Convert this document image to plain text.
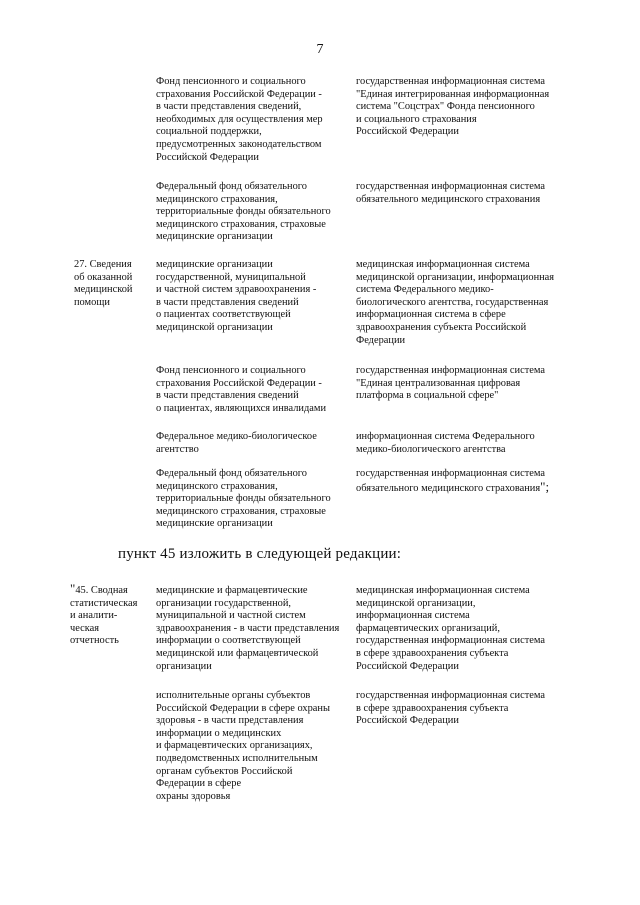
7
Фонд пенсионного и социального
страхования Российской Федерации -
в части представления сведений,
необходимых для осуществления мер
социальной поддержки,
предусмотренных законодательством
Российской Федерации
государственная информационная система
"Единая интегрированная информационная
система "Соцстрах" Фонда пенсионного
и социального страхования
Российской Федерации
Федеральный фонд обязательного
медицинского страхования,
территориальные фонды обязательного
медицинского страхования, страховые
медицинские организации
государственная информационная система
обязательного медицинского страхования
27. Сведения
об оказанной
медицинской
помощи
медицинские организации
государственной, муниципальной
и частной систем здравоохранения -
в части представления сведений
о пациентах соответствующей
медицинской организации
медицинская информационная система
медицинской организации, информационная
система Федерального медико-
биологического агентства, государственная
информационная система в сфере
здравоохранения субъекта Российской
Федерации
Фонд пенсионного и социального
страхования Российской Федерации -
в части представления сведений
о пациентах, являющихся инвалидами
государственная информационная система
"Единая централизованная цифровая
платформа в социальной сфере"
Федеральное медико-биологическое
агентство
информационная система Федерального
медико-биологического агентства
Федеральный фонд обязательного
медицинского страхования,
территориальные фонды обязательного
медицинского страхования, страховые
медицинские организации
государственная информационная система
обязательного медицинского страхования";
пункт 45 изложить в следующей редакции:
"45. Сводная
статистическая
и аналити-
ческая
отчетность
медицинские и фармацевтические
организации государственной,
муниципальной и частной систем
здравоохранения - в части представления
информации о соответствующей
медицинской или фармацевтической
организации
медицинская информационная система
медицинской организации,
информационная система
фармацевтических организаций,
государственная информационная система
в сфере здравоохранения субъекта
Российской Федерации
исполнительные органы субъектов
Российской Федерации в сфере охраны
здоровья - в части представления
информации о медицинских
и фармацевтических организациях,
подведомственных исполнительным
органам субъектов Российской
Федерации в сфере
охраны здоровья
государственная информационная система
в сфере здравоохранения субъекта
Российской Федерации
